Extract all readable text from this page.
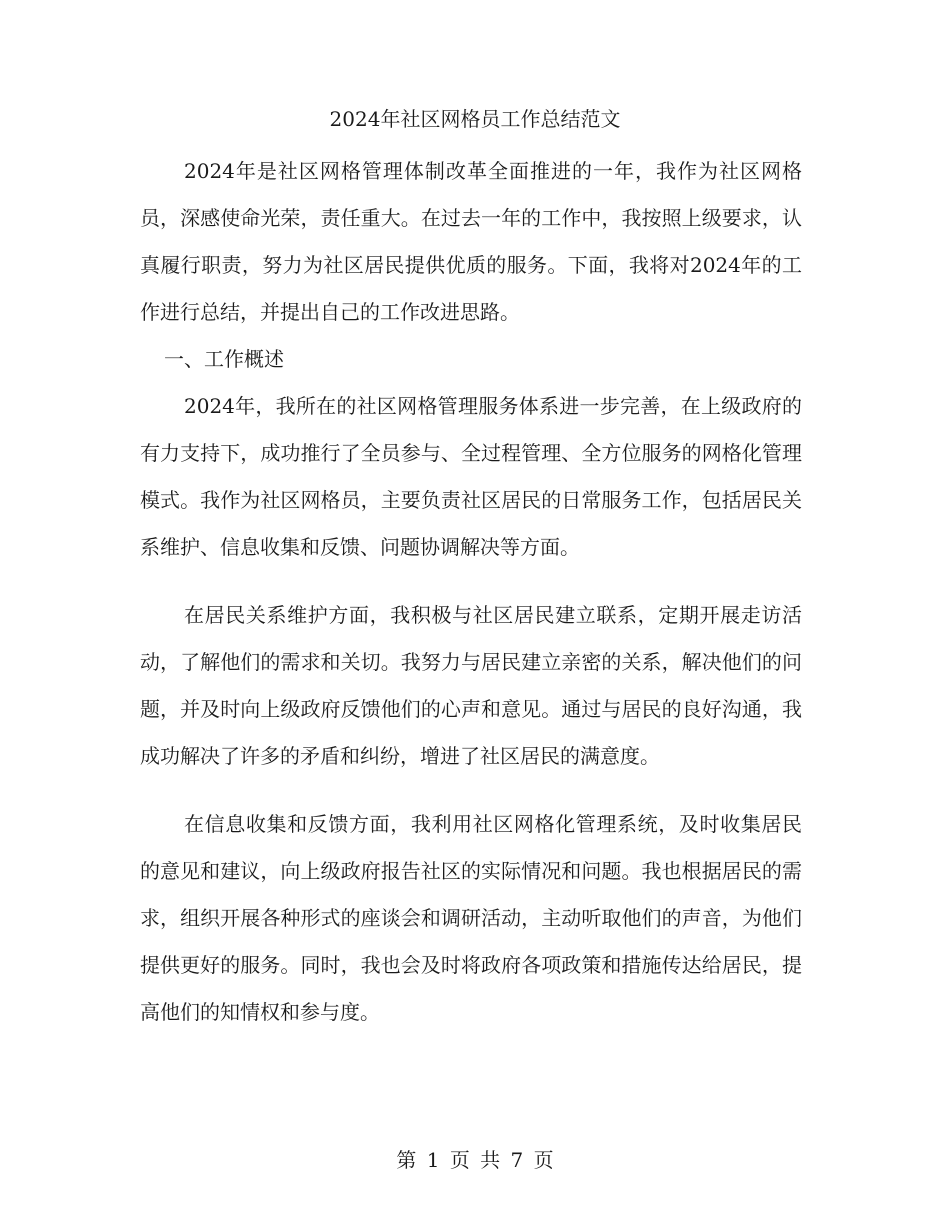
2024年社区网格员工作总结范文

2024年是社区网格管理体制改革全面推进的一年，我作为社区网格员，深感使命光荣，责任重大。在过去一年的工作中，我按照上级要求，认真履行职责，努力为社区居民提供优质的服务。下面，我将对2024年的工作进行总结，并提出自己的工作改进思路。

一、工作概述

2024年，我所在的社区网格管理服务体系进一步完善，在上级政府的有力支持下，成功推行了全员参与、全过程管理、全方位服务的网格化管理模式。我作为社区网格员，主要负责社区居民的日常服务工作，包括居民关系维护、信息收集和反馈、问题协调解决等方面。

在居民关系维护方面，我积极与社区居民建立联系，定期开展走访活动，了解他们的需求和关切。我努力与居民建立亲密的关系，解决他们的问题，并及时向上级政府反馈他们的心声和意见。通过与居民的良好沟通，我成功解决了许多的矛盾和纠纷，增进了社区居民的满意度。

在信息收集和反馈方面，我利用社区网格化管理系统，及时收集居民的意见和建议，向上级政府报告社区的实际情况和问题。我也根据居民的需求，组织开展各种形式的座谈会和调研活动，主动听取他们的声音，为他们提供更好的服务。同时，我也会及时将政府各项政策和措施传达给居民，提高他们的知情权和参与度。

第 1 页 共 7 页
